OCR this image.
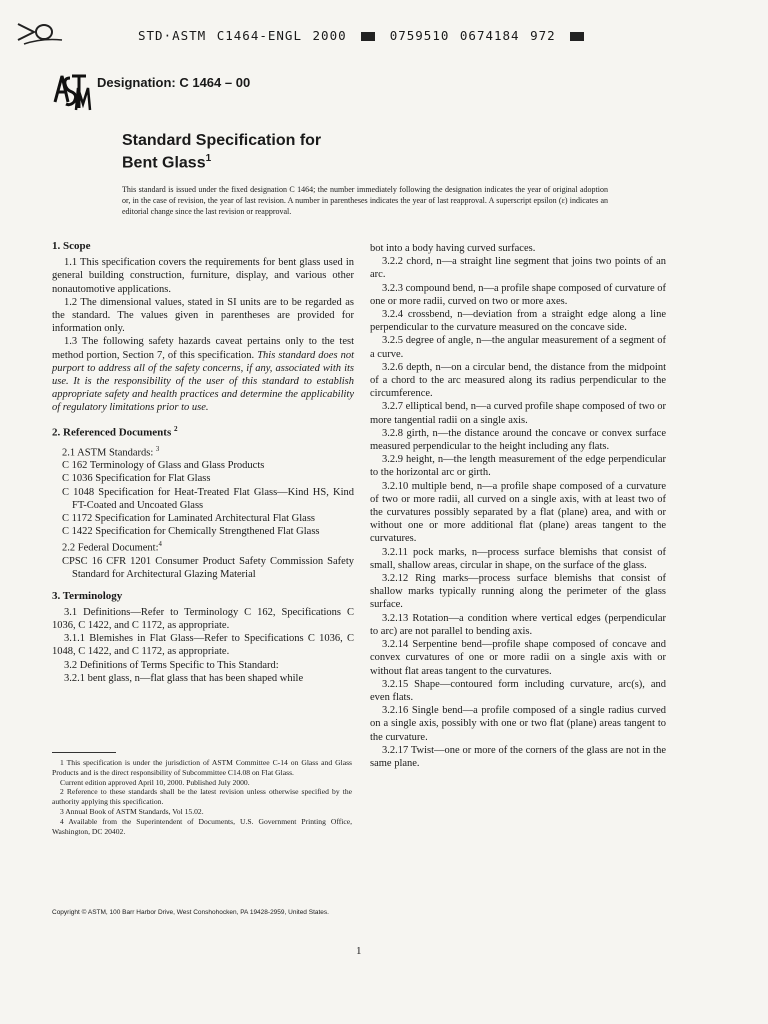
STD·ASTM C1464-ENGL 2000	0759510 0674184 972
Designation: C 1464 – 00
Standard Specification for
Bent Glass$^1$
This standard is issued under the fixed designation C 1464; the number immediately following the designation indicates the year of original adoption or, in the case of revision, the year of last revision. A number in parentheses indicates the year of last reapproval. A superscript epsilon (ε) indicates an editorial change since the last revision or reapproval.
1. Scope

1.1 This specification covers the requirements for bent glass used in general building construction, furniture, display, and various other nonautomotive applications.

1.2 The dimensional values, stated in SI units are to be regarded as the standard. The values given in parentheses are provided for information only.

1.3 The following safety hazards caveat pertains only to the test method portion, Section 7, of this specification. This standard does not purport to address all of the safety concerns, if any, associated with its use. It is the responsibility of the user of this standard to establish appropriate safety and health practices and determine the applicability of regulatory limitations prior to use.

2. Referenced Documents $^2$

2.1 ASTM Standards: $^3$

C 162 Terminology of Glass and Glass Products

C 1036 Specification for Flat Glass

C 1048 Specification for Heat-Treated Flat Glass—Kind HS, Kind FT-Coated and Uncoated Glass

C 1172 Specification for Laminated Architectural Flat Glass

C 1422 Specification for Chemically Strengthened Flat Glass

2.2 Federal Document:$^4$

CPSC 16 CFR 1201 Consumer Product Safety Commission Safety Standard for Architectural Glazing Material

3. Terminology

3.1 Definitions—Refer to Terminology C 162, Specifications C 1036, C 1422, and C 1172, as appropriate.

3.1.1 Blemishes in Flat Glass—Refer to Specifications C 1036, C 1048, C 1422, and C 1172, as appropriate.

3.2 Definitions of Terms Specific to This Standard:

3.2.1 bent glass, n—flat glass that has been shaped while

bot into a body having curved surfaces.

3.2.2 chord, n—a straight line segment that joins two points of an arc.

3.2.3 compound bend, n—a profile shape composed of curvature of one or more radii, curved on two or more axes.

3.2.4 crossbend, n—deviation from a straight edge along a line perpendicular to the curvature measured on the concave side.

3.2.5 degree of angle, n—the angular measurement of a segment of a curve.

3.2.6 depth, n—on a circular bend, the distance from the midpoint of a chord to the arc measured along its radius perpendicular to the circumference.

3.2.7 elliptical bend, n—a curved profile shape composed of two or more tangential radii on a single axis.

3.2.8 girth, n—the distance around the concave or convex surface measured perpendicular to the height including any flats.

3.2.9 height, n—the length measurement of the edge perpendicular to the horizontal arc or girth.

3.2.10 multiple bend, n—a profile shape composed of a curvature of two or more radii, all curved on a single axis, with at least two of the curvatures possibly separated by a flat (plane) area, and with or without one or more additional flat (plane) areas tangent to the curvatures.

3.2.11 pock marks, n—process surface blemishs that consist of small, shallow areas, circular in shape, on the surface of the glass.

3.2.12 Ring marks—process surface blemishs that consist of shallow marks typically running along the perimeter of the glass surface.

3.2.13 Rotation—a condition where vertical edges (perpendicular to arc) are not parallel to bending axis.

3.2.14 Serpentine bend—profile shape composed of concave and convex curvatures of one or more radii on a single axis with or without flat areas tangent to the curvatures.

3.2.15 Shape—contoured form including curvature, arc(s), and even flats.

3.2.16 Single bend—a profile composed of a single radius curved on a single axis, possibly with one or two flat (plane) areas tangent to the curvature.

3.2.17 Twist—one or more of the corners of the glass are not in the same plane.

1 This specification is under the jurisdiction of ASTM Committee C-14 on Glass and Glass Products and is the direct responsibility of Subcommittee C14.08 on Flat Glass.

Current edition approved April 10, 2000. Published July 2000.

2 Reference to these standards shall be the latest revision unless otherwise specified by the authority applying this specification.

3 Annual Book of ASTM Standards, Vol 15.02.

4 Available from the Superintendent of Documents, U.S. Government Printing Office, Washington, DC 20402.

Copyright © ASTM, 100 Barr Harbor Drive, West Conshohocken, PA 19428-2959, United States.
1
